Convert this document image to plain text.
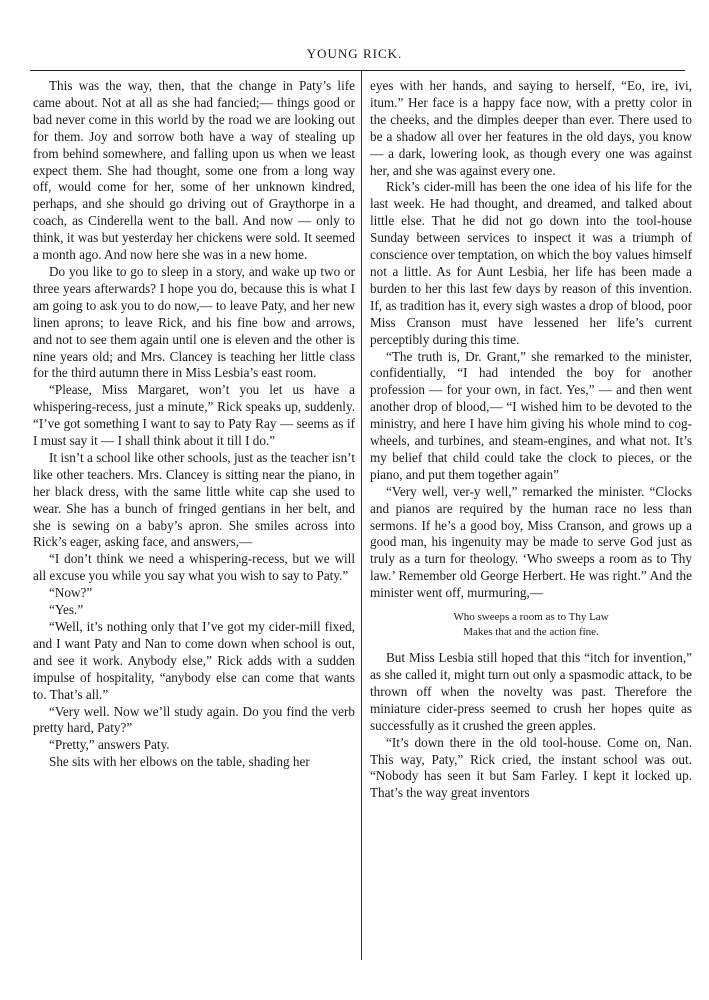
YOUNG RICK.

This was the way, then, that the change in Paty’s life came about. Not at all as she had fancied;— things good or bad never come in this world by the road we are looking out for them. Joy and sorrow both have a way of stealing up from behind somewhere, and falling upon us when we least expect them. She had thought, some one from a long way off, would come for her, some of her unknown kindred, perhaps, and she should go driving out of Graythorpe in a coach, as Cinderella went to the ball. And now — only to think, it was but yesterday her chickens were sold. It seemed a month ago. And now here she was in a new home.

Do you like to go to sleep in a story, and wake up two or three years afterwards? I hope you do, because this is what I am going to ask you to do now,— to leave Paty, and her new linen aprons; to leave Rick, and his fine bow and arrows, and not to see them again until one is eleven and the other is nine years old; and Mrs. Clancey is teaching her little class for the third autumn there in Miss Lesbia’s east room.

“Please, Miss Margaret, won’t you let us have a whispering-recess, just a minute,” Rick speaks up, suddenly. “I’ve got something I want to say to Paty Ray — seems as if I must say it — I shall think about it till I do.”

It isn’t a school like other schools, just as the teacher isn’t like other teachers. Mrs. Clancey is sitting near the piano, in her black dress, with the same little white cap she used to wear. She has a bunch of fringed gentians in her belt, and she is sewing on a baby’s apron. She smiles across into Rick’s eager, asking face, and answers,—

“I don’t think we need a whispering-recess, but we will all excuse you while you say what you wish to say to Paty.”

“Now?”

“Yes.”

“Well, it’s nothing only that I’ve got my cider-mill fixed, and I want Paty and Nan to come down when school is out, and see it work. Anybody else,” Rick adds with a sudden impulse of hospitality, “anybody else can come that wants to. That’s all.”

“Very well. Now we’ll study again. Do you find the verb pretty hard, Paty?”

“Pretty,” answers Paty.

She sits with her elbows on the table, shading her

eyes with her hands, and saying to herself, “Eo, ire, ivi, itum.” Her face is a happy face now, with a pretty color in the cheeks, and the dimples deeper than ever. There used to be a shadow all over her features in the old days, you know — a dark, lowering look, as though every one was against her, and she was against every one.

Rick’s cider-mill has been the one idea of his life for the last week. He had thought, and dreamed, and talked about little else. That he did not go down into the tool-house Sunday between services to inspect it was a triumph of conscience over temptation, on which the boy values himself not a little. As for Aunt Lesbia, her life has been made a burden to her this last few days by reason of this invention. If, as tradition has it, every sigh wastes a drop of blood, poor Miss Cranson must have lessened her life’s current perceptibly during this time.

“The truth is, Dr. Grant,” she remarked to the minister, confidentially, “I had intended the boy for another profession — for your own, in fact. Yes,” — and then went another drop of blood,— “I wished him to be devoted to the ministry, and here I have him giving his whole mind to cog-wheels, and turbines, and steam-engines, and what not. It’s my belief that child could take the clock to pieces, or the piano, and put them together again”

“Very well, ver-y well,” remarked the minister. “Clocks and pianos are required by the human race no less than sermons. If he’s a good boy, Miss Cranson, and grows up a good man, his ingenuity may be made to serve God just as truly as a turn for theology. ‘Who sweeps a room as to Thy law.’ Remember old George Herbert. He was right.” And the minister went off, murmuring,—

Who sweeps a room as to Thy Law
Makes that and the action fine.

But Miss Lesbia still hoped that this “itch for invention,” as she called it, might turn out only a spasmodic attack, to be thrown off when the novelty was past. Therefore the miniature cider-press seemed to crush her hopes quite as successfully as it crushed the green apples.

“It’s down there in the old tool-house. Come on, Nan. This way, Paty,” Rick cried, the instant school was out. “Nobody has seen it but Sam Farley. I kept it locked up. That’s the way great inventors
